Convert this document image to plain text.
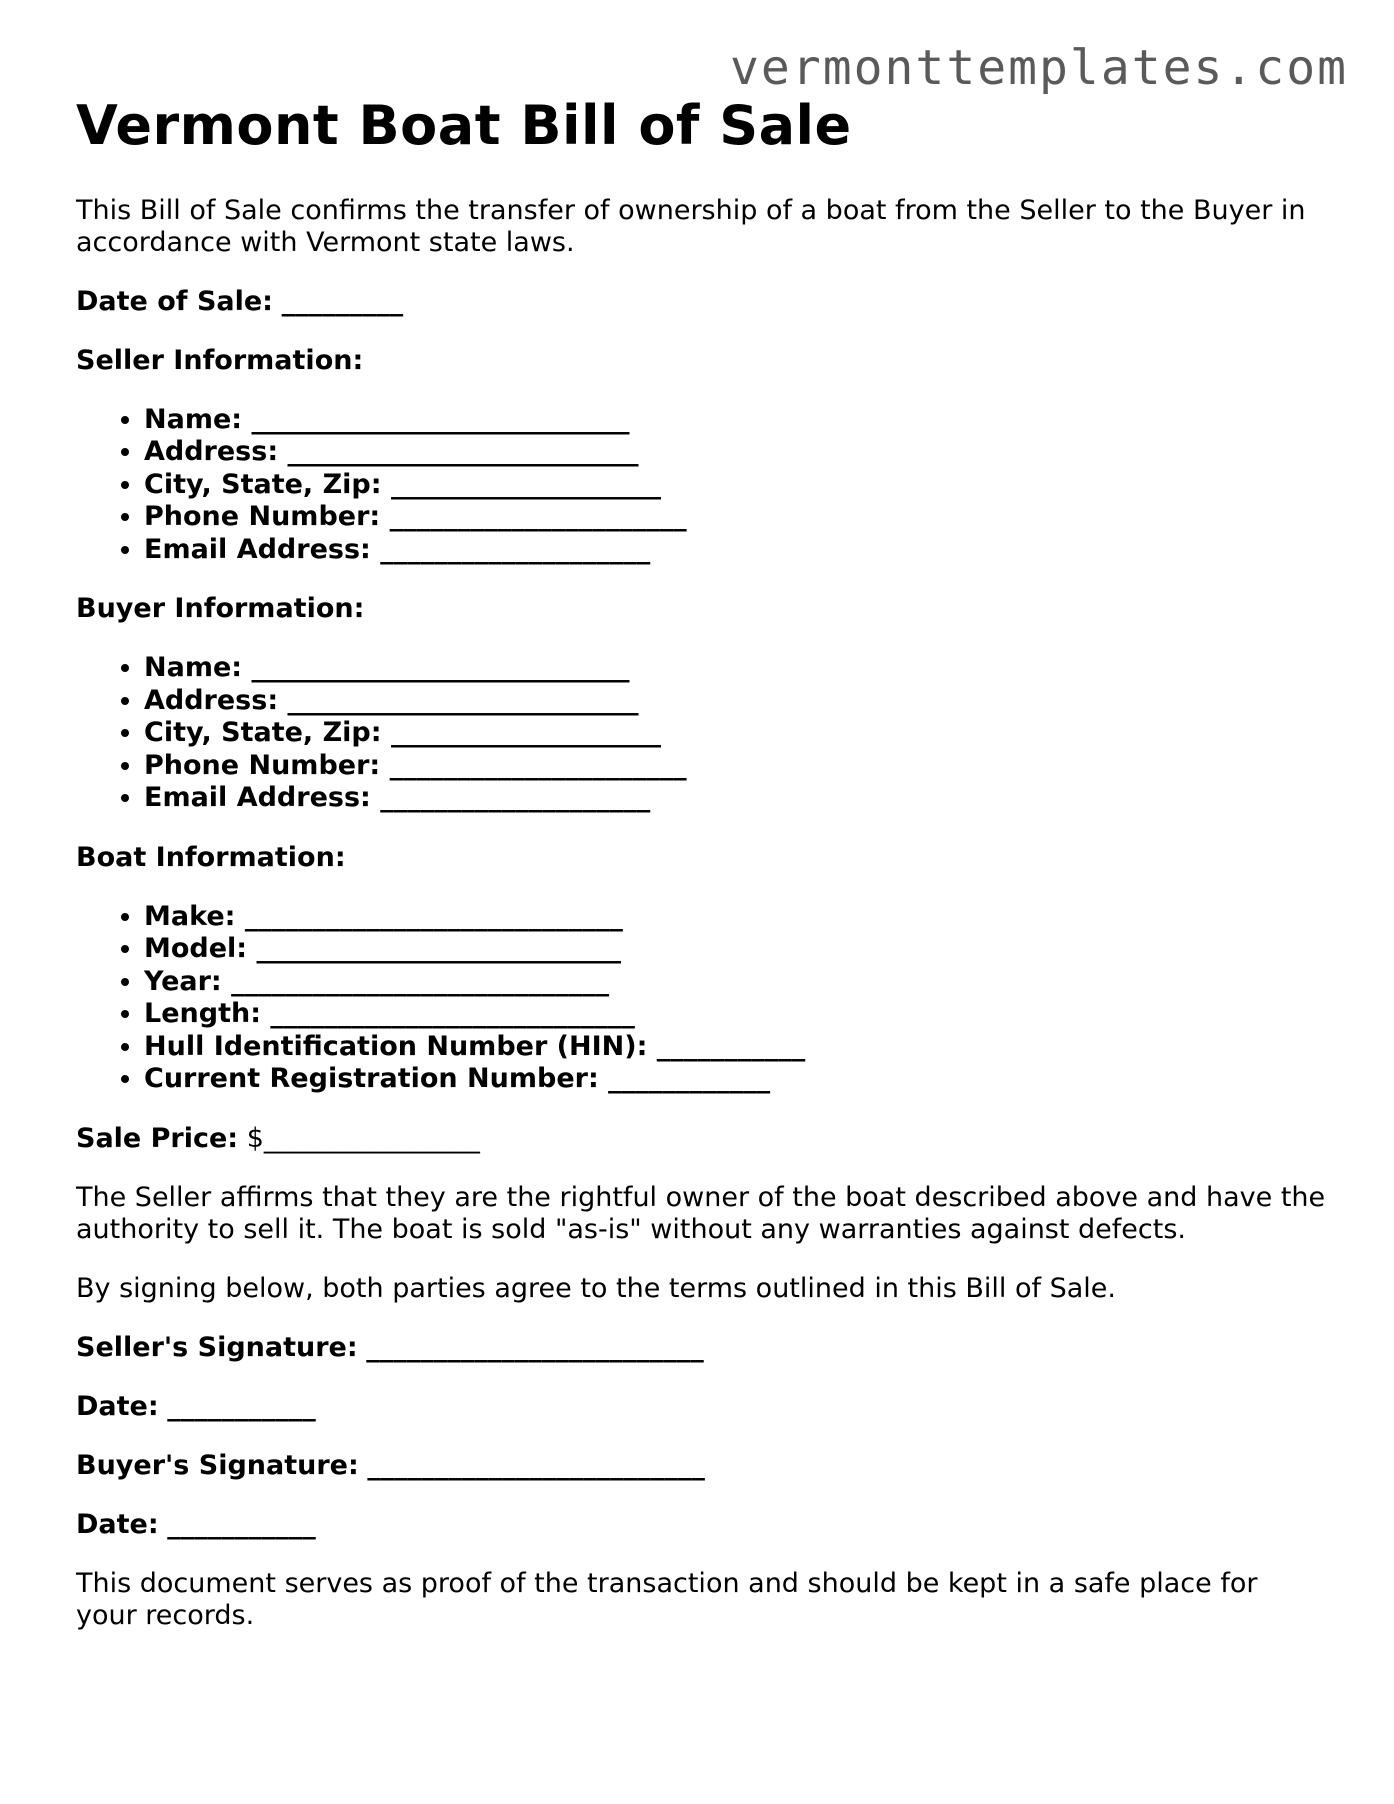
vermonttemplates.com
Vermont Boat Bill of Sale

This Bill of Sale confirms the transfer of ownership of a boat from the Seller to the Buyer in accordance with Vermont state laws.

Date of Sale: _________

Seller Information:

• Name: ____________________________
• Address: __________________________
• City, State, Zip: ____________________
• Phone Number: ______________________
• Email Address: ____________________

Buyer Information:

• Name: ____________________________
• Address: __________________________
• City, State, Zip: ____________________
• Phone Number: ______________________
• Email Address: ____________________

Boat Information:

• Make: ____________________________
• Model: ___________________________
• Year: ____________________________
• Length: ___________________________
• Hull Identification Number (HIN): ___________
• Current Registration Number: ____________

Sale Price: $________________

The Seller affirms that they are the rightful owner of the boat described above and have the authority to sell it. The boat is sold "as-is" without any warranties against defects.

By signing below, both parties agree to the terms outlined in this Bill of Sale.

Seller's Signature: _________________________

Date: ___________

Buyer's Signature: _________________________

Date: ___________

This document serves as proof of the transaction and should be kept in a safe place for your records.
